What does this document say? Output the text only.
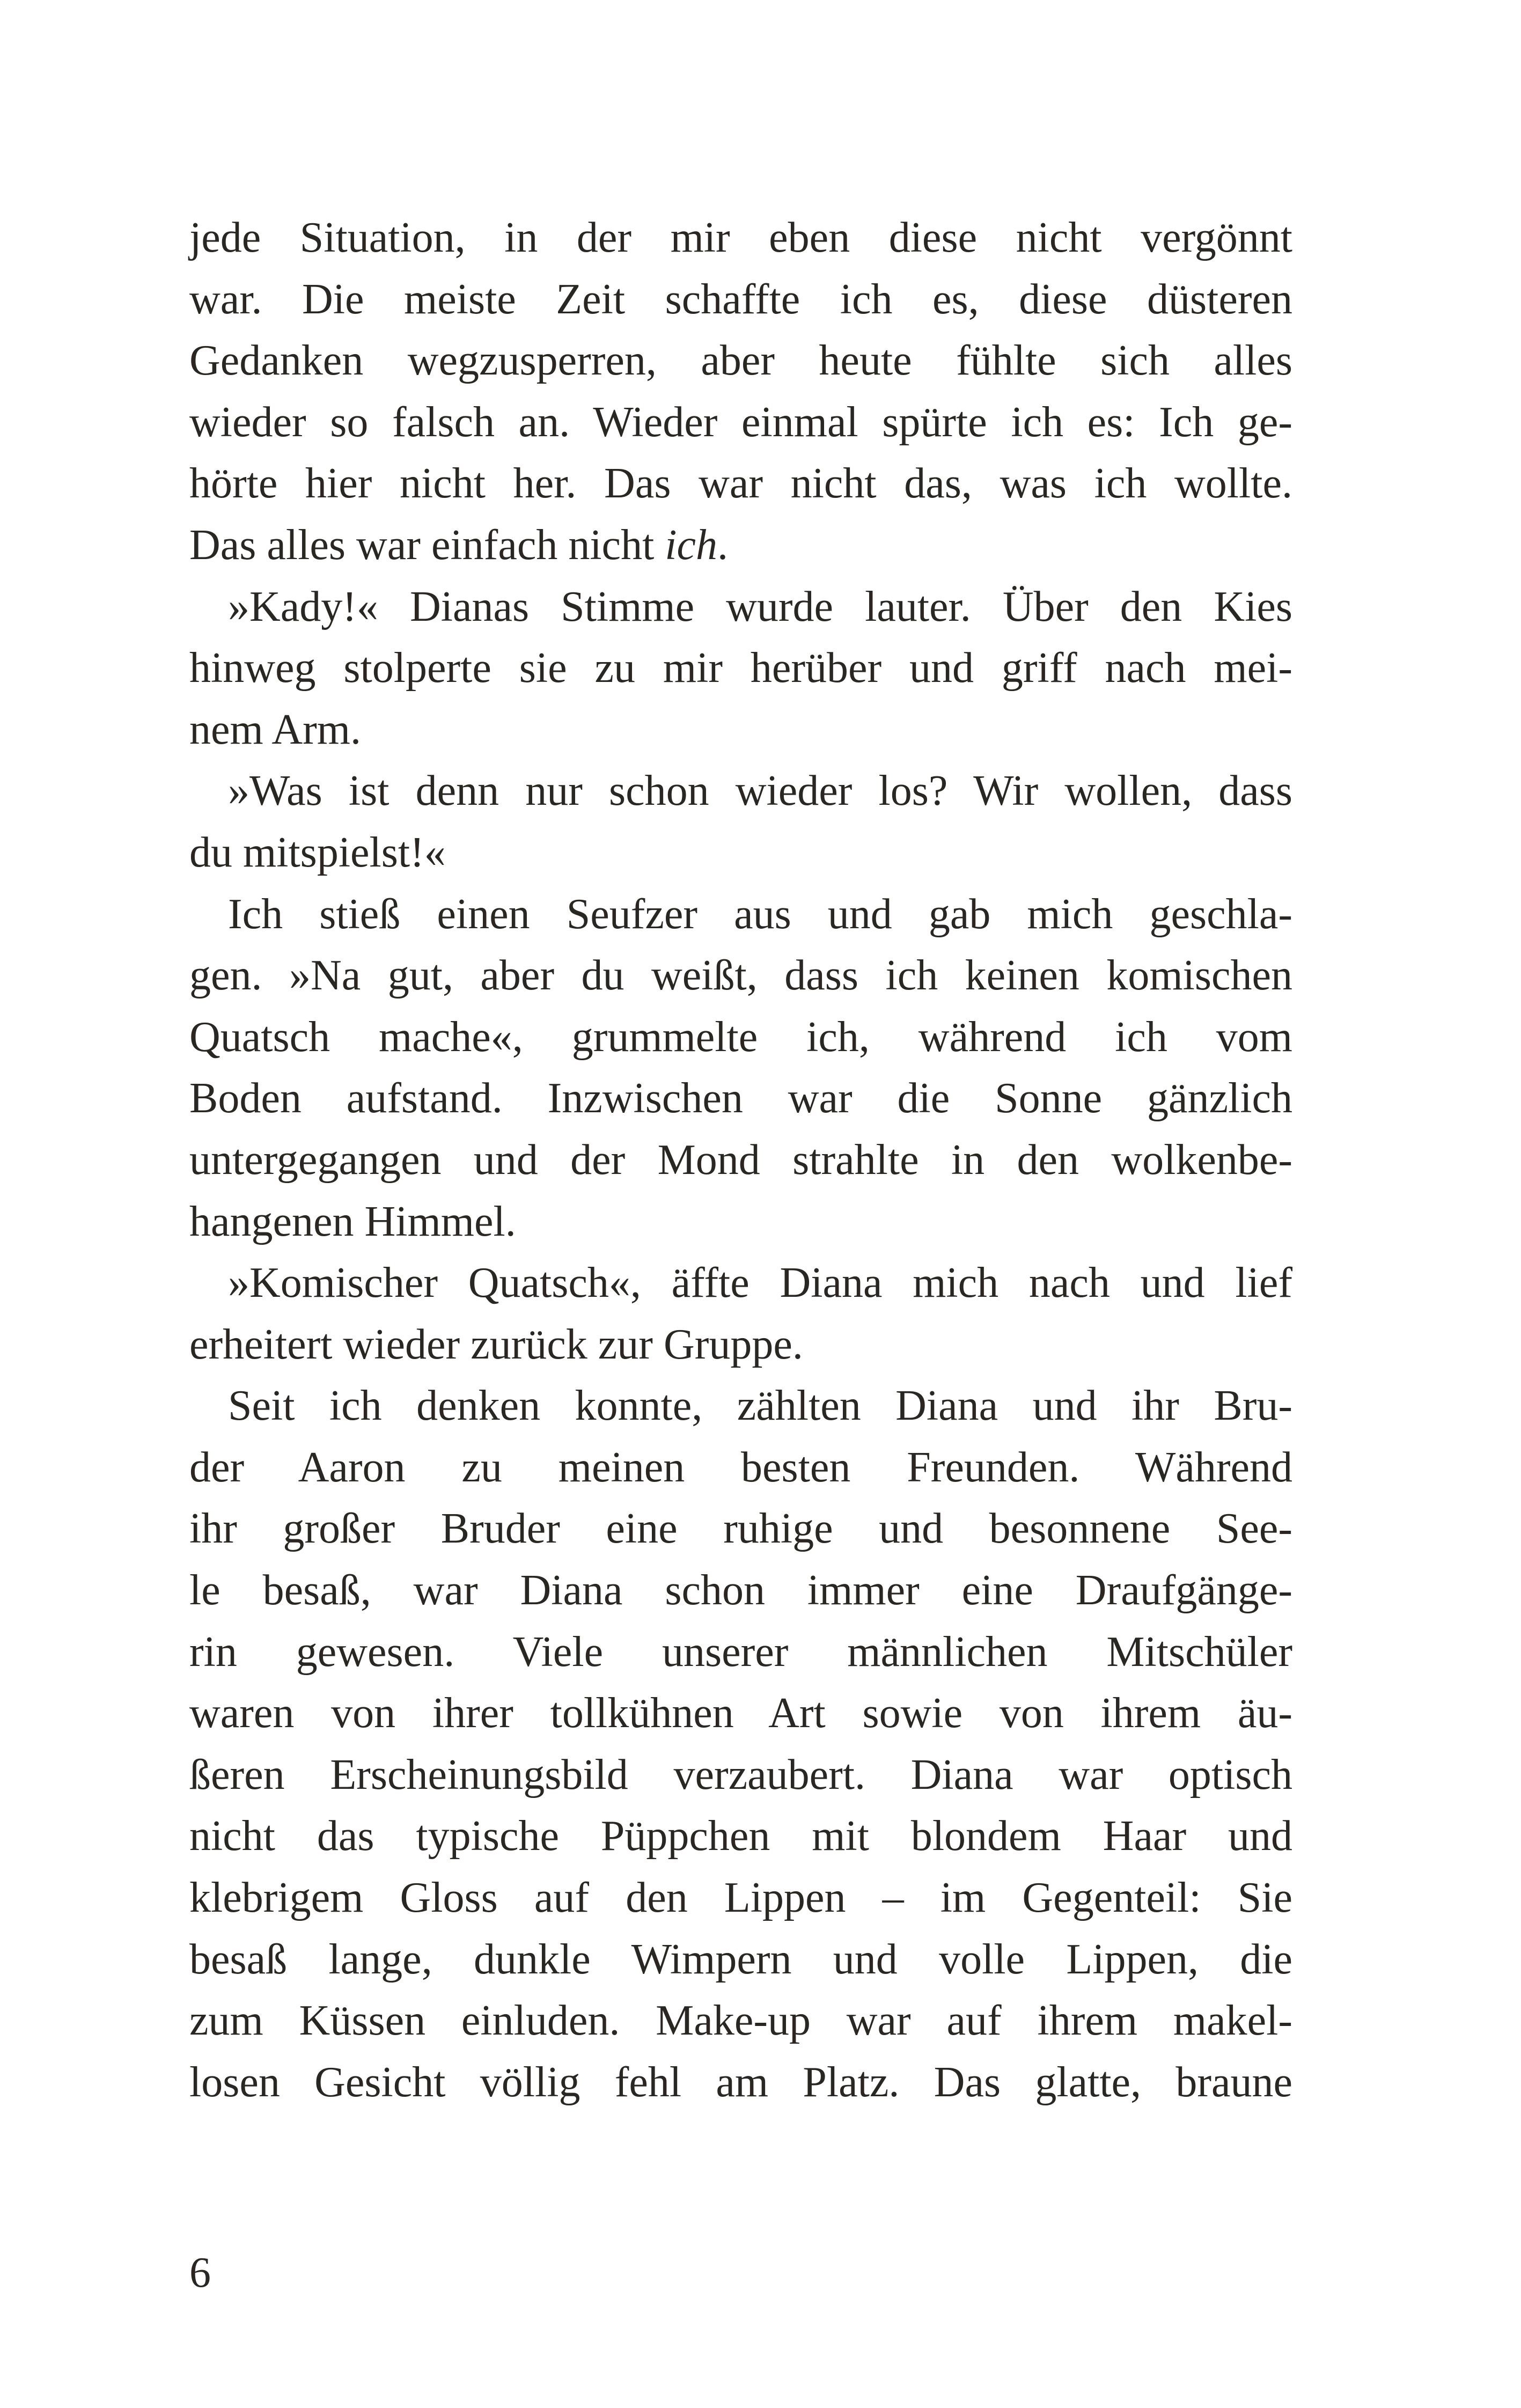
jede Situation, in der mir eben diese nicht vergönnt
war. Die meiste Zeit schaffte ich es, diese düsteren
Gedanken wegzusperren, aber heute fühlte sich alles
wieder so falsch an. Wieder einmal spürte ich es: Ich ge-
hörte hier nicht her. Das war nicht das, was ich wollte.
Das alles war einfach nicht ich.
»Kady!« Dianas Stimme wurde lauter. Über den Kies
hinweg stolperte sie zu mir herüber und griff nach mei-
nem Arm.
»Was ist denn nur schon wieder los? Wir wollen, dass
du mitspielst!«
Ich stieß einen Seufzer aus und gab mich geschla-
gen. »Na gut, aber du weißt, dass ich keinen komischen
Quatsch mache«, grummelte ich, während ich vom
Boden aufstand. Inzwischen war die Sonne gänzlich
untergegangen und der Mond strahlte in den wolkenbe-
hangenen Himmel.
»Komischer Quatsch«, äffte Diana mich nach und lief
erheitert wieder zurück zur Gruppe.
Seit ich denken konnte, zählten Diana und ihr Bru-
der Aaron zu meinen besten Freunden. Während
ihr großer Bruder eine ruhige und besonnene See-
le besaß, war Diana schon immer eine Draufgänge-
rin gewesen. Viele unserer männlichen Mitschüler
waren von ihrer tollkühnen Art sowie von ihrem äu-
ßeren Erscheinungsbild verzaubert. Diana war optisch
nicht das typische Püppchen mit blondem Haar und
klebrigem Gloss auf den Lippen – im Gegenteil: Sie
besaß lange, dunkle Wimpern und volle Lippen, die
zum Küssen einluden. Make-up war auf ihrem makel-
losen Gesicht völlig fehl am Platz. Das glatte, braune
6
